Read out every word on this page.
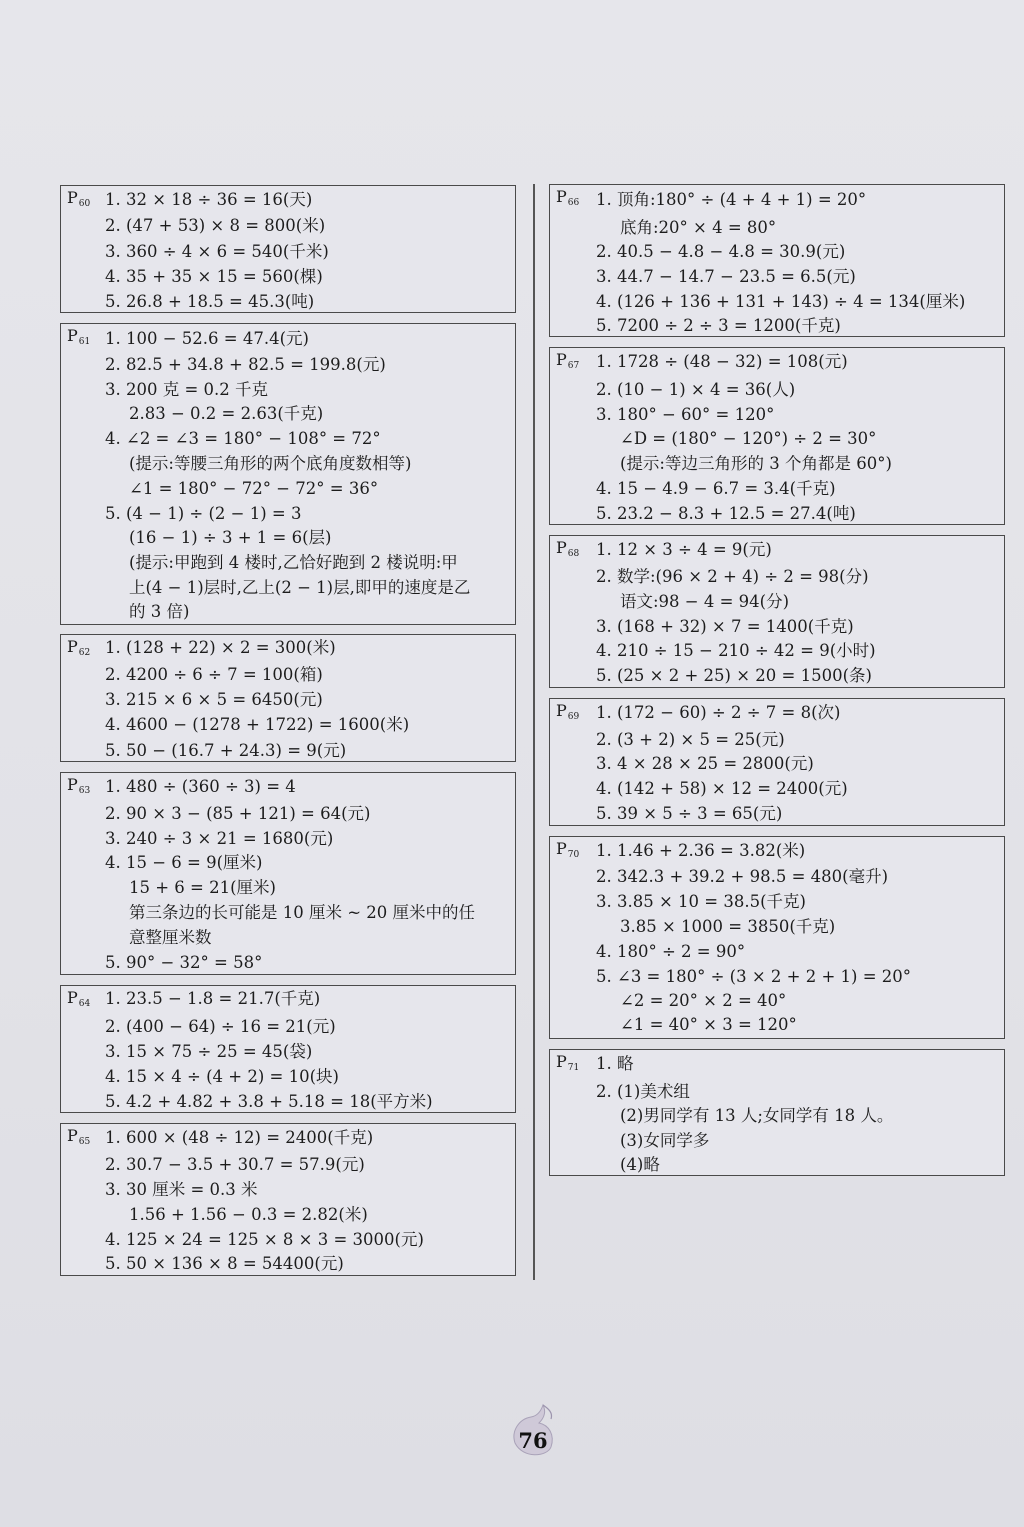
$P_{60}$ 1. 32 × 18 ÷ 36 = 16(天)
2. (47 + 53) × 8 = 800(米)
3. 360 ÷ 4 × 6 = 540(千米)
4. 35 + 35 × 15 = 560(棵)
5. 26.8 + 18.5 = 45.3(吨)
$P_{61}$ 1. 100 − 52.6 = 47.4(元)
2. 82.5 + 34.8 + 82.5 = 199.8(元)
3. 200 克 = 0.2 千克
2.83 − 0.2 = 2.63(千克)
4. ∠2 = ∠3 = 180° − 108° = 72°
(提示:等腰三角形的两个底角度数相等)
∠1 = 180° − 72° − 72° = 36°
5. (4 − 1) ÷ (2 − 1) = 3
(16 − 1) ÷ 3 + 1 = 6(层)
(提示:甲跑到 4 楼时,乙恰好跑到 2 楼说明:甲
上(4 − 1)层时,乙上(2 − 1)层,即甲的速度是乙
的 3 倍)
$P_{62}$ 1. (128 + 22) × 2 = 300(米)
2. 4200 ÷ 6 ÷ 7 = 100(箱)
3. 215 × 6 × 5 = 6450(元)
4. 4600 − (1278 + 1722) = 1600(米)
5. 50 − (16.7 + 24.3) = 9(元)
$P_{63}$ 1. 480 ÷ (360 ÷ 3) = 4
2. 90 × 3 − (85 + 121) = 64(元)
3. 240 ÷ 3 × 21 = 1680(元)
4. 15 − 6 = 9(厘米)
15 + 6 = 21(厘米)
第三条边的长可能是 10 厘米 ~ 20 厘米中的任
意整厘米数
5. 90° − 32° = 58°
$P_{64}$ 1. 23.5 − 1.8 = 21.7(千克)
2. (400 − 64) ÷ 16 = 21(元)
3. 15 × 75 ÷ 25 = 45(袋)
4. 15 × 4 ÷ (4 + 2) = 10(块)
5. 4.2 + 4.82 + 3.8 + 5.18 = 18(平方米)
$P_{65}$ 1. 600 × (48 ÷ 12) = 2400(千克)
2. 30.7 − 3.5 + 30.7 = 57.9(元)
3. 30 厘米 = 0.3 米
1.56 + 1.56 − 0.3 = 2.82(米)
4. 125 × 24 = 125 × 8 × 3 = 3000(元)
5. 50 × 136 × 8 = 54400(元)
$P_{66}$ 1. 顶角:180° ÷ (4 + 4 + 1) = 20°
底角:20° × 4 = 80°
2. 40.5 − 4.8 − 4.8 = 30.9(元)
3. 44.7 − 14.7 − 23.5 = 6.5(元)
4. (126 + 136 + 131 + 143) ÷ 4 = 134(厘米)
5. 7200 ÷ 2 ÷ 3 = 1200(千克)
$P_{67}$ 1. 1728 ÷ (48 − 32) = 108(元)
2. (10 − 1) × 4 = 36(人)
3. 180° − 60° = 120°
∠D = (180° − 120°) ÷ 2 = 30°
(提示:等边三角形的 3 个角都是 60°)
4. 15 − 4.9 − 6.7 = 3.4(千克)
5. 23.2 − 8.3 + 12.5 = 27.4(吨)
$P_{68}$ 1. 12 × 3 ÷ 4 = 9(元)
2. 数学:(96 × 2 + 4) ÷ 2 = 98(分)
语文:98 − 4 = 94(分)
3. (168 + 32) × 7 = 1400(千克)
4. 210 ÷ 15 − 210 ÷ 42 = 9(小时)
5. (25 × 2 + 25) × 20 = 1500(条)
$P_{69}$ 1. (172 − 60) ÷ 2 ÷ 7 = 8(次)
2. (3 + 2) × 5 = 25(元)
3. 4 × 28 × 25 = 2800(元)
4. (142 + 58) × 12 = 2400(元)
5. 39 × 5 ÷ 3 = 65(元)
$P_{70}$ 1. 1.46 + 2.36 = 3.82(米)
2. 342.3 + 39.2 + 98.5 = 480(毫升)
3. 3.85 × 10 = 38.5(千克)
3.85 × 1000 = 3850(千克)
4. 180° ÷ 2 = 90°
5. ∠3 = 180° ÷ (3 × 2 + 2 + 1) = 20°
∠2 = 20° × 2 = 40°
∠1 = 40° × 3 = 120°
$P_{71}$ 1. 略
2. (1)美术组
(2)男同学有 13 人;女同学有 18 人。
(3)女同学多
(4)略
76
